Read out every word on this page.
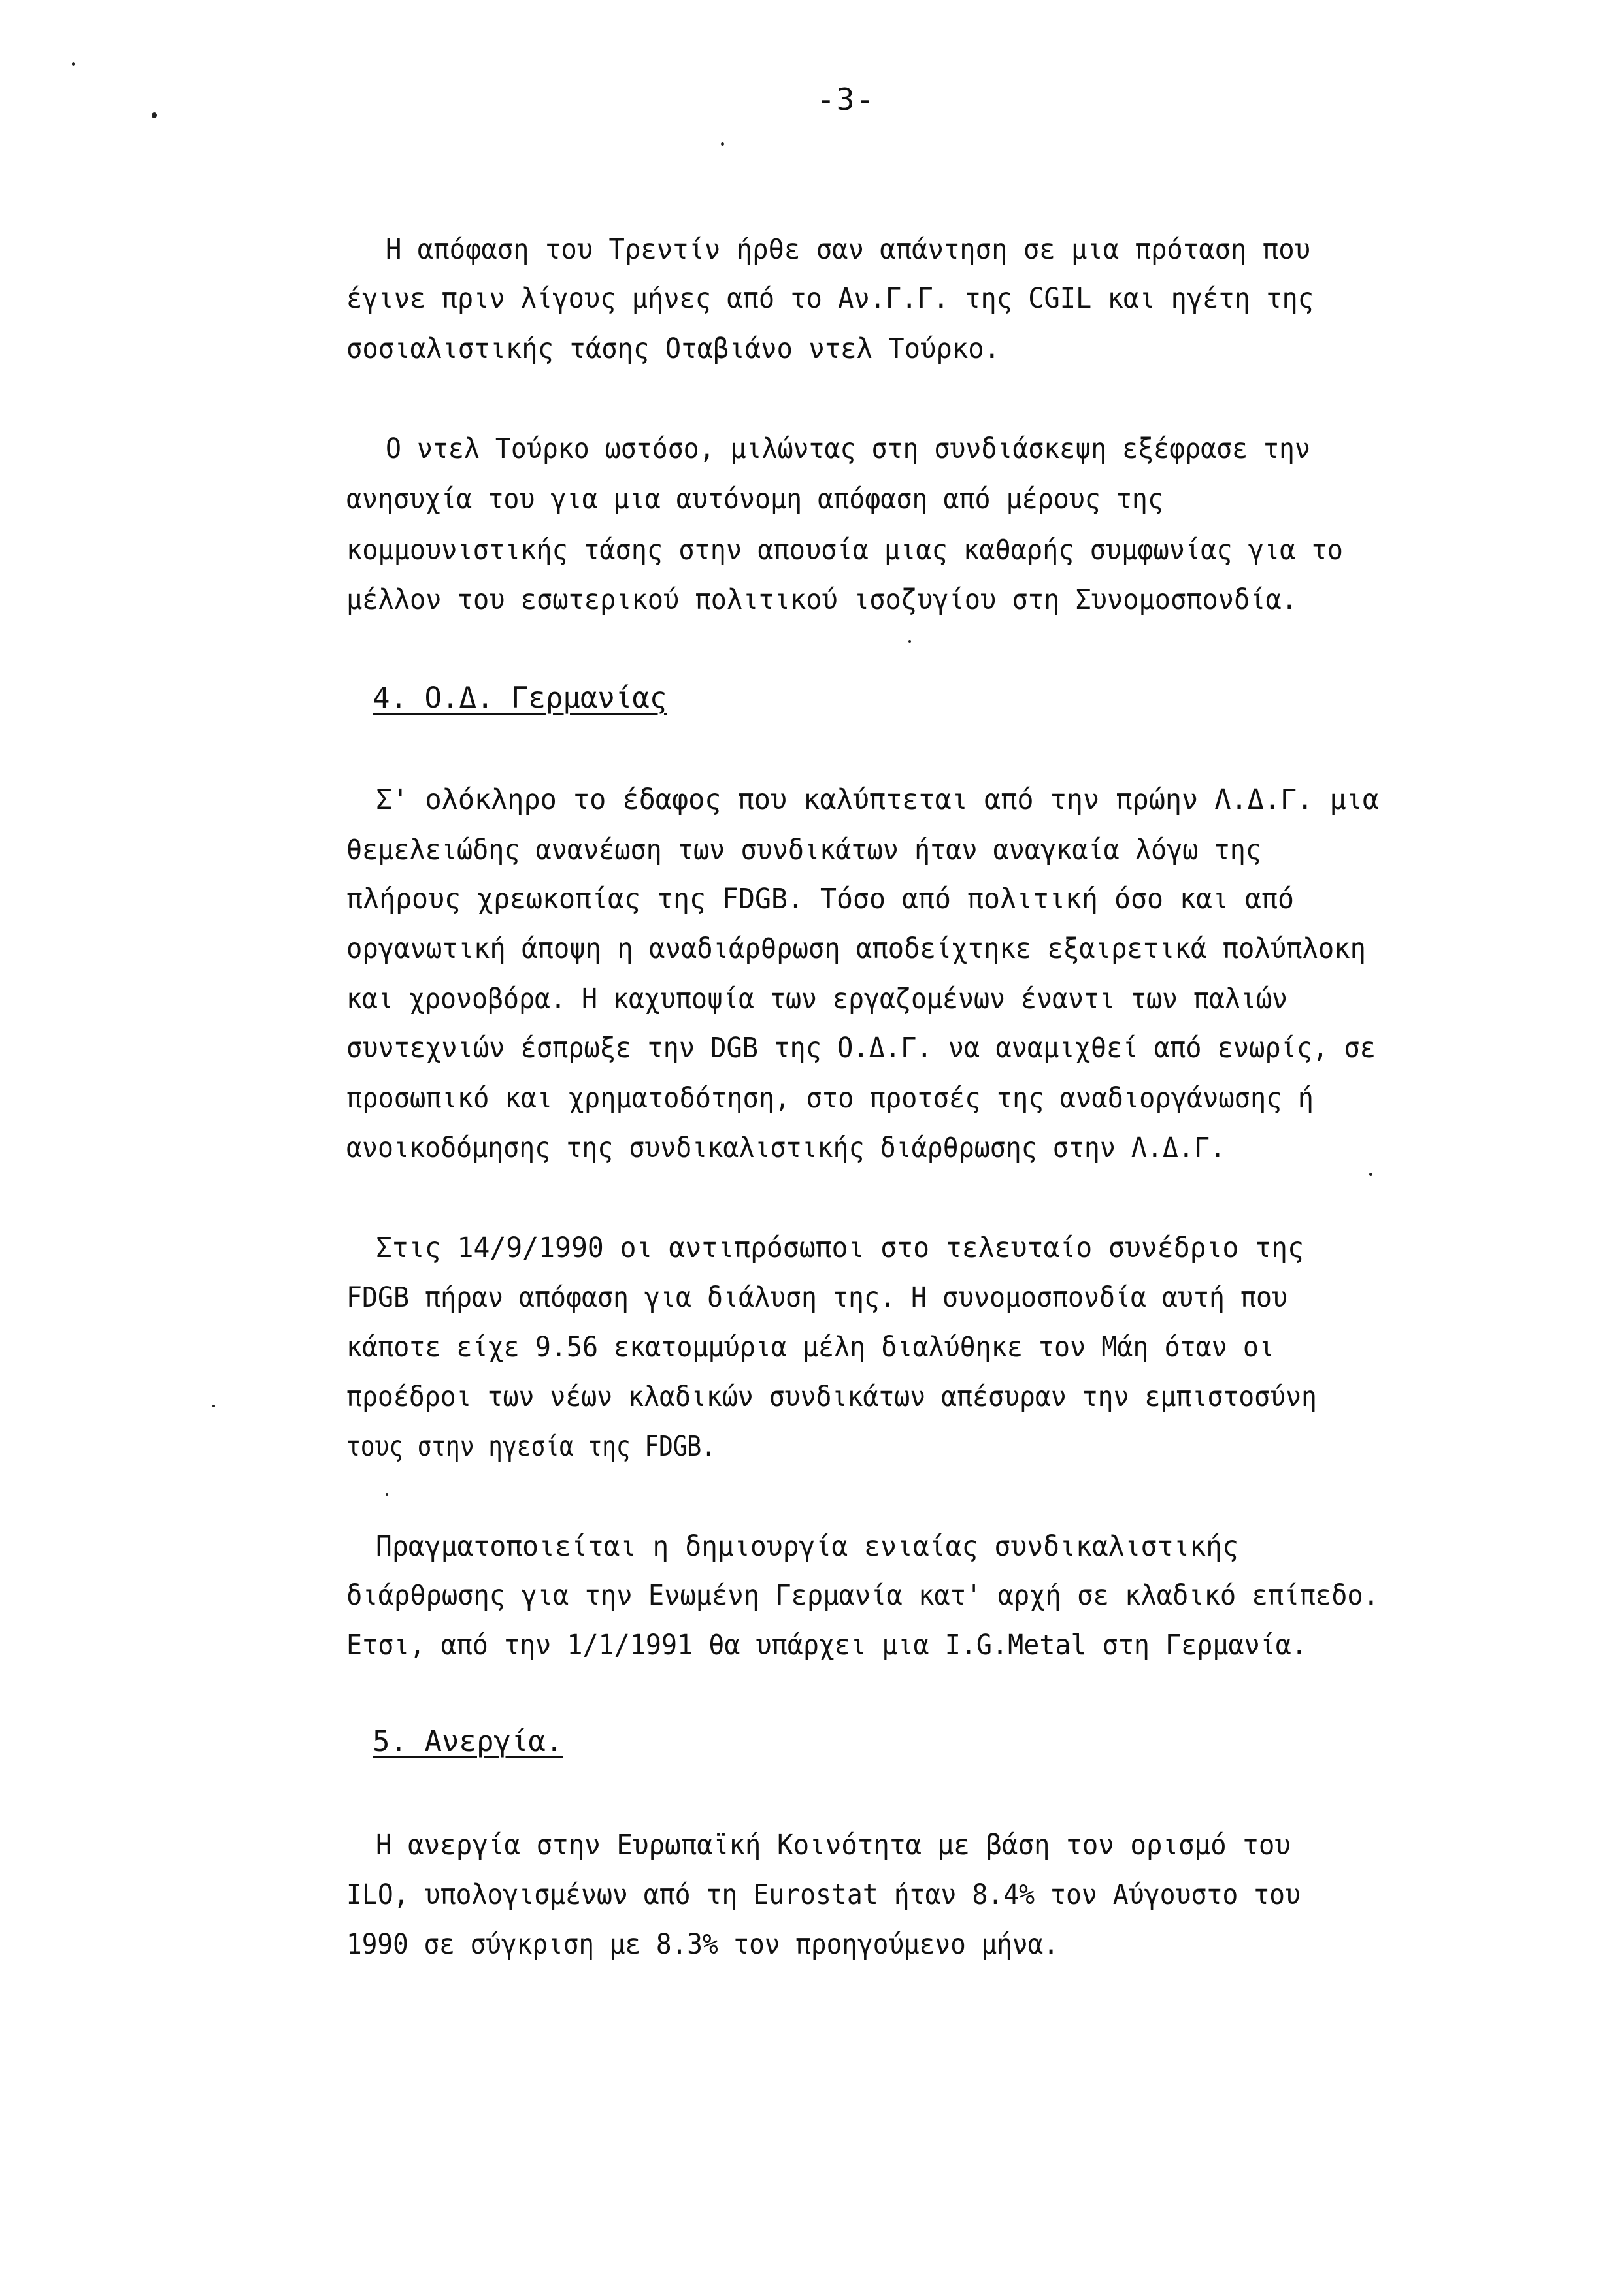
-3-
Η απόφαση του Τρεντίν ήρθε σαν απάντηση σε μια πρόταση που
έγινε πριν λίγους μήνες από το Αν.Γ.Γ. της CGIL και ηγέτη της
σοσιαλιστικής τάσης Οταβιάνο ντελ Τούρκο.
Ο ντελ Τούρκο ωστόσο, μιλώντας στη συνδιάσκεψη εξέφρασε την
ανησυχία του για μια αυτόνομη απόφαση από μέρους της
κομμουνιστικής τάσης στην απουσία μιας καθαρής συμφωνίας για το
μέλλον του εσωτερικού πολιτικού ισοζυγίου στη Συνομοσπονδία.
4. Ο.Δ. Γερμανίας
Σ' ολόκληρο το έδαφος που καλύπτεται από την πρώην Λ.Δ.Γ. μια
θεμελειώδης ανανέωση των συνδικάτων ήταν αναγκαία λόγω της
πλήρους χρεωκοπίας της FDGB. Τόσο από πολιτική όσο και από
οργανωτική άποψη η αναδιάρθρωση αποδείχτηκε εξαιρετικά πολύπλοκη
και χρονοβόρα. Η καχυποψία των εργαζομένων έναντι των παλιών
συντεχνιών έσπρωξε την DGB της Ο.Δ.Γ. να αναμιχθεί από ενωρίς, σε
προσωπικό και χρηματοδότηση, στο προτσές της αναδιοργάνωσης ή
ανοικοδόμησης της συνδικαλιστικής διάρθρωσης στην Λ.Δ.Γ.
Στις 14/9/1990 οι αντιπρόσωποι στο τελευταίο συνέδριο της
FDGB πήραν απόφαση για διάλυση της. Η συνομοσπονδία αυτή που
κάποτε είχε 9.56 εκατομμύρια μέλη διαλύθηκε τον Μάη όταν οι
προέδροι των νέων κλαδικών συνδικάτων απέσυραν την εμπιστοσύνη
τους στην ηγεσία της FDGB.
Πραγματοποιείται η δημιουργία ενιαίας συνδικαλιστικής
διάρθρωσης για την Ενωμένη Γερμανία κατ' αρχή σε κλαδικό επίπεδο.
Ετσι, από την 1/1/1991 θα υπάρχει μια I.G.Metal στη Γερμανία.
5. Ανεργία.
Η ανεργία στην Ευρωπαϊκή Κοινότητα με βάση τον ορισμό του
ILO, υπολογισμένων από τη Eurostat ήταν 8.4% τον Αύγουστο του
1990 σε σύγκριση με 8.3% τον προηγούμενο μήνα.
